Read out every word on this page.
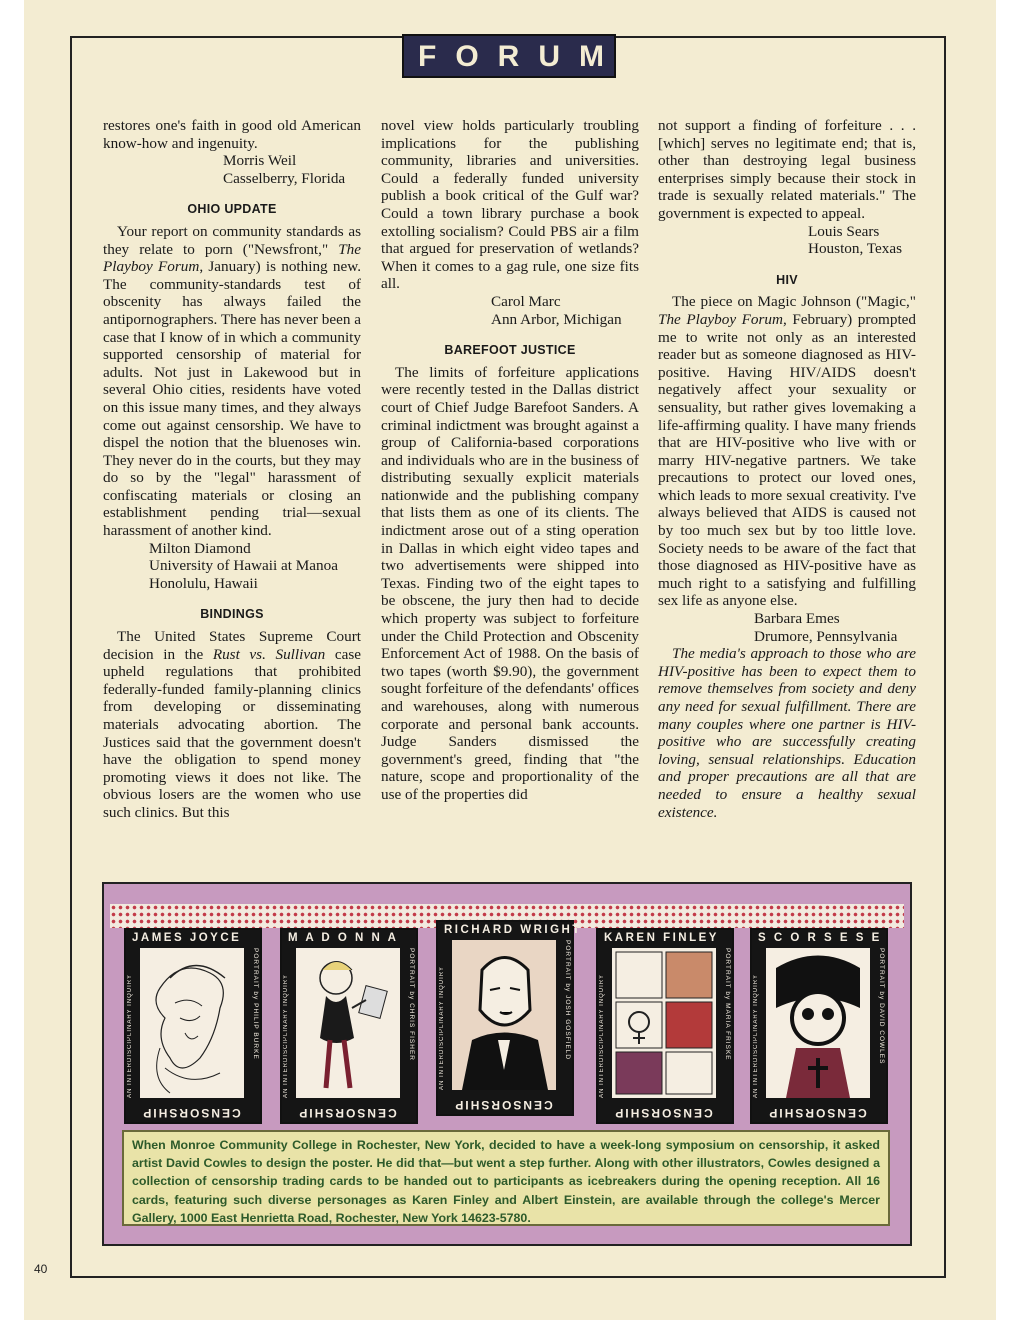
FORUM

restores one's faith in good old American know-how and ingenuity.

Morris Weil
Casselberry, Florida
OHIO UPDATE

Your report on community standards as they relate to porn ("Newsfront," The Playboy Forum, January) is nothing new. The community-standards test of obscenity has always failed the antipornographers. There has never been a case that I know of in which a community supported censorship of material for adults. Not just in Lakewood but in several Ohio cities, residents have voted on this issue many times, and they always come out against censorship. We have to dispel the notion that the bluenoses win. They never do in the courts, but they may do so by the "legal" harassment of confiscating materials or closing an establishment pending trial—sexual harassment of another kind.

Milton Diamond
University of Hawaii at Manoa
Honolulu, Hawaii
BINDINGS

The United States Supreme Court decision in the Rust vs. Sullivan case upheld regulations that prohibited federally-funded family-planning clinics from developing or disseminating materials advocating abortion. The Justices said that the government doesn't have the obligation to spend money promoting views it does not like. The obvious losers are the women who use such clinics. But this

novel view holds particularly troubling implications for the publishing community, libraries and universities. Could a federally funded university publish a book critical of the Gulf war? Could a town library purchase a book extolling socialism? Could PBS air a film that argued for preservation of wetlands? When it comes to a gag rule, one size fits all.

Carol Marc
Ann Arbor, Michigan
BAREFOOT JUSTICE

The limits of forfeiture applications were recently tested in the Dallas district court of Chief Judge Barefoot Sanders. A criminal indictment was brought against a group of California-based corporations and individuals who are in the business of distributing sexually explicit materials nationwide and the publishing company that lists them as one of its clients. The indictment arose out of a sting operation in Dallas in which eight video tapes and two advertisements were shipped into Texas. Finding two of the eight tapes to be obscene, the jury then had to decide which property was subject to forfeiture under the Child Protection and Obscenity Enforcement Act of 1988. On the basis of two tapes (worth $9.90), the government sought forfeiture of the defendants' offices and warehouses, along with numerous corporate and personal bank accounts. Judge Sanders dismissed the government's greed, finding that "the nature, scope and proportionality of the use of the properties did

not support a finding of forfeiture . . . [which] serves no legitimate end; that is, other than destroying legal business enterprises simply because their stock in trade is sexually related materials." The government is expected to appeal.

Louis Sears
Houston, Texas
HIV

The piece on Magic Johnson ("Magic," The Playboy Forum, February) prompted me to write not only as an interested reader but as someone diagnosed as HIV-positive. Having HIV/AIDS doesn't negatively affect your sexuality or sensuality, but rather gives lovemaking a life-affirming quality. I have many friends that are HIV-positive who live with or marry HIV-negative partners. We take precautions to protect our loved ones, which leads to more sexual creativity. I've always believed that AIDS is caused not by too much sex but by too little love. Society needs to be aware of the fact that those diagnosed as HIV-positive have as much right to a satisfying and fulfilling sex life as anyone else.

Barbara Emes
Drumore, Pennsylvania

The media's approach to those who are HIV-positive has been to expect them to remove themselves from society and deny any need for sexual fulfillment. There are many couples where one partner is HIV-positive who are successfully creating loving, sensual relationships. Education and proper precautions are all that are needed to ensure a healthy sexual existence.

JAMES JOYCE
AN INTERDISCIPLINARY INQUIRY	PORTRAIT by PHILIP BURKE
CENSORSHIP
M A D O N N A
AN INTERDISCIPLINARY INQUIRY	PORTRAIT by CHRIS FISHER
CENSORSHIP
RICHARD WRIGHT
AN INTERDISCIPLINARY INQUIRY	PORTRAIT by JOSH GOSFIELD
CENSORSHIP
KAREN FINLEY
AN INTERDISCIPLINARY INQUIRY	PORTRAIT by MARIA FRISKE
CENSORSHIP
S C O R S E S E
AN INTERDISCIPLINARY INQUIRY	PORTRAIT by DAVID COWLES
CENSORSHIP
When Monroe Community College in Rochester, New York, decided to have a week-long symposium on censorship, it asked artist David Cowles to design the poster. He did that—but went a step further. Along with other illustrators, Cowles designed a collection of censorship trading cards to be handed out to participants as icebreakers during the opening reception. All 16 cards, featuring such diverse personages as Karen Finley and Albert Einstein, are available through the college's Mercer Gallery, 1000 East Henrietta Road, Rochester, New York 14623-5780.
40
